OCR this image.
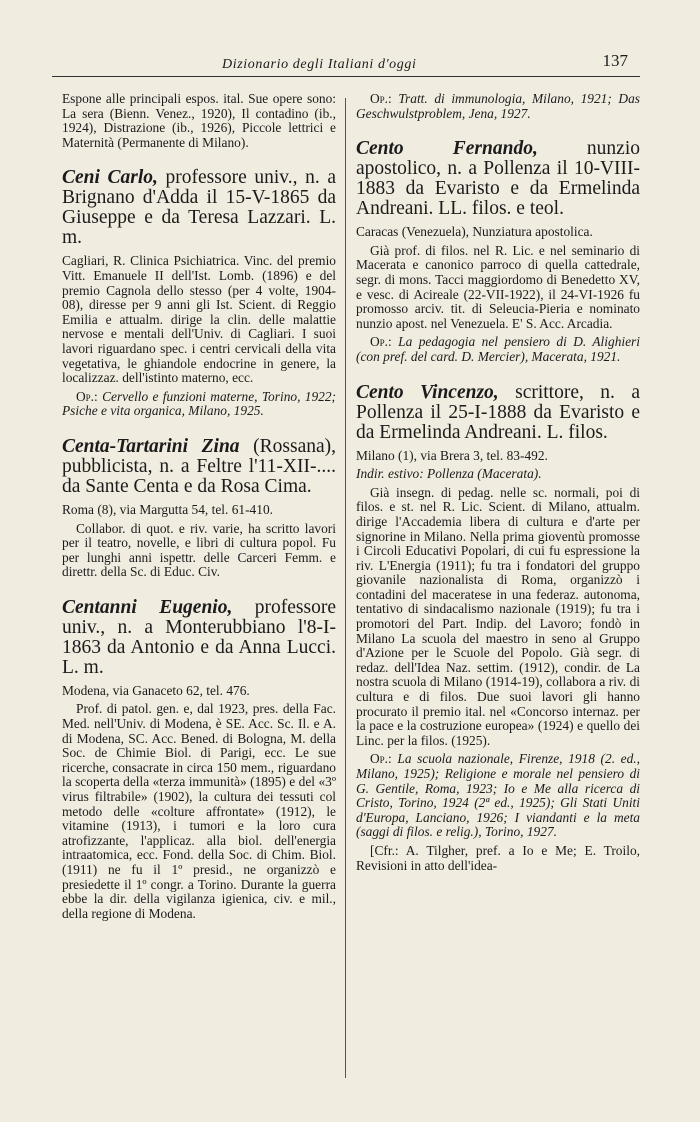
Dizionario degli Italiani d'oggi	137

Espone alle principali espos. ital. Sue opere sono: La sera (Bienn. Venez., 1920), Il contadino (ib., 1924), Distrazione (ib., 1926), Piccole lettrici e Maternità (Permanente di Milano).

Ceni Carlo, professore univ., n. a Brignano d'Adda il 15-V-1865 da Giuseppe e da Teresa Lazzari. L. m.

Cagliari, R. Clinica Psichiatrica. Vinc. del premio Vitt. Emanuele II dell'Ist. Lomb. (1896) e del premio Cagnola dello stesso (per 4 volte, 1904-08), diresse per 9 anni gli Ist. Scient. di Reggio Emilia e attualm. dirige la clin. delle malattie nervose e mentali dell'Univ. di Cagliari. I suoi lavori riguardano spec. i centri cervicali della vita vegetativa, le ghiandole endocrine in genere, la localizzaz. dell'istinto materno, ecc.

Op.: Cervello e funzioni materne, Torino, 1922; Psiche e vita organica, Milano, 1925.

Centa-Tartarini Zina (Rossana), pubblicista, n. a Feltre l'11-XII-.... da Sante Centa e da Rosa Cima.

Roma (8), via Margutta 54, tel. 61-410.

Collabor. di quot. e riv. varie, ha scritto lavori per il teatro, novelle, e libri di cultura popol. Fu per lunghi anni ispettr. delle Carceri Femm. e direttr. della Sc. di Educ. Civ.

Centanni Eugenio, professore univ., n. a Monterubbiano l'8-I-1863 da Antonio e da Anna Lucci. L. m.

Modena, via Ganaceto 62, tel. 476.

Prof. di patol. gen. e, dal 1923, pres. della Fac. Med. nell'Univ. di Modena, è SE. Acc. Sc. Il. e A. di Modena, SC. Acc. Bened. di Bologna, M. della Soc. de Chimie Biol. di Parigi, ecc. Le sue ricerche, consacrate in circa 150 mem., riguardano la scoperta della «terza immunità» (1895) e del «3º virus filtrabile» (1902), la cultura dei tessuti col metodo delle «colture affrontate» (1912), le vitamine (1913), i tumori e la loro cura atrofizzante, l'applicaz. alla biol. dell'energia intraatomica, ecc. Fond. della Soc. di Chim. Biol. (1911) ne fu il 1º presid., ne organizzò e presiedette il 1º congr. a Torino. Durante la guerra ebbe la dir. della vigilanza igienica, civ. e mil., della regione di Modena.

Op.: Tratt. di immunologia, Milano, 1921; Das Geschwulstproblem, Jena, 1927.

Cento Fernando,	nunzio apostolico, n. a Pollenza il 10-VIII-1883 da Evaristo e da Ermelinda Andreani. LL. filos. e teol.

Caracas (Venezuela), Nunziatura apostolica.

Già prof. di filos. nel R. Lic. e nel seminario di Macerata e canonico parroco di quella cattedrale, segr. di mons. Tacci maggiordomo di Benedetto XV, e vesc. di Acireale (22-VII-1922), il 24-VI-1926 fu promosso arciv. tit. di Seleucia-Pieria e nominato nunzio apost. nel Venezuela. E' S. Acc. Arcadia.

Op.: La pedagogia nel pensiero di D. Alighieri (con pref. del card. D. Mercier), Macerata, 1921.

Cento Vincenzo, scrittore, n. a Pollenza il 25-I-1888 da Evaristo e da Ermelinda Andreani. L. filos.

Milano (1), via Brera 3, tel. 83-492.

Indir. estivo: Pollenza (Macerata).

Già insegn. di pedag. nelle sc. normali, poi di filos. e st. nel R. Lic. Scient. di Milano, attualm. dirige l'Accademia libera di cultura e d'arte per signorine in Milano. Nella prima gioventù promosse i Circoli Educativi Popolari, di cui fu espressione la riv. L'Energia (1911); fu tra i fondatori del gruppo giovanile nazionalista di Roma, organizzò i contadini del maceratese in una federaz. autonoma, tentativo di sindacalismo nazionale (1919); fu tra i promotori del Part. Indip. del Lavoro; fondò in Milano La scuola del maestro in seno al Gruppo d'Azione per le Scuole del Popolo. Già segr. di redaz. dell'Idea Naz. settim. (1912), condir. de La nostra scuola di Milano (1914-19), collabora a riv. di cultura e di filos. Due suoi lavori gli hanno procurato il premio ital. nel «Concorso internaz. per la pace e la costruzione europea» (1924) e quello dei Linc. per la filos. (1925).

Op.: La scuola nazionale, Firenze, 1918 (2. ed., Milano, 1925); Religione e morale nel pensiero di G. Gentile, Roma, 1923; Io e Me alla ricerca di Cristo, Torino, 1924 (2ª ed., 1925); Gli Stati Uniti d'Europa, Lanciano, 1926; I viandanti e la meta (saggi di filos. e relig.), Torino, 1927.

[Cfr.: A. Tilgher, pref. a Io e Me; E. Troilo, Revisioni in atto dell'idea-
